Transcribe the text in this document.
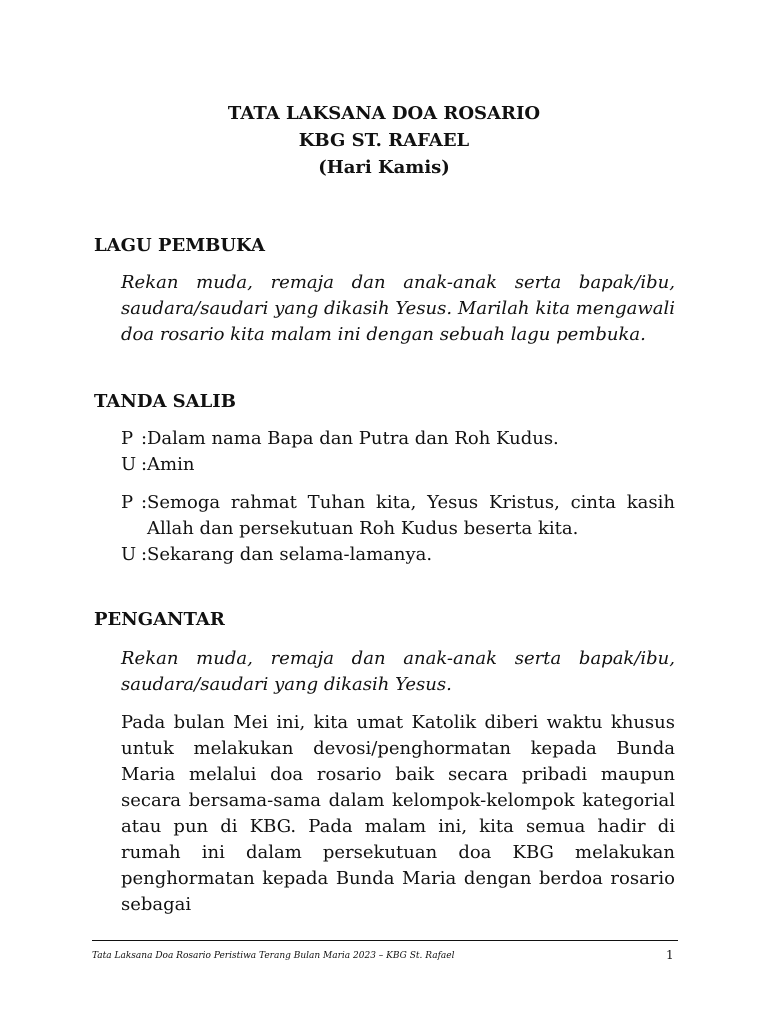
TATA LAKSANA DOA ROSARIO
KBG ST. RAFAEL
(Hari Kamis)
LAGU PEMBUKA

Rekan muda, remaja dan anak-anak serta bapak/ibu, saudara/saudari yang dikasih Yesus. Marilah kita mengawali doa rosario kita malam ini dengan sebuah lagu pembuka.

TANDA SALIB
P : Dalam nama Bapa dan Putra dan Roh Kudus.
U : Amin
P : Semoga rahmat Tuhan kita, Yesus Kristus, cinta kasih Allah dan persekutuan Roh Kudus beserta kita.
U : Sekarang dan selama-lamanya.
PENGANTAR

Rekan muda, remaja dan anak-anak serta bapak/ibu, saudara/saudari yang dikasih Yesus.

Pada bulan Mei ini, kita umat Katolik diberi waktu khusus untuk melakukan devosi/penghormatan kepada Bunda Maria melalui doa rosario baik secara pribadi maupun secara bersama-sama dalam kelompok-kelompok kategorial atau pun di KBG. Pada malam ini, kita semua hadir di rumah ini dalam persekutuan doa KBG melakukan penghormatan kepada Bunda Maria dengan berdoa rosario sebagai

Tata Laksana Doa Rosario Peristiwa Terang Bulan Maria 2023 – KBG St. Rafael	1
